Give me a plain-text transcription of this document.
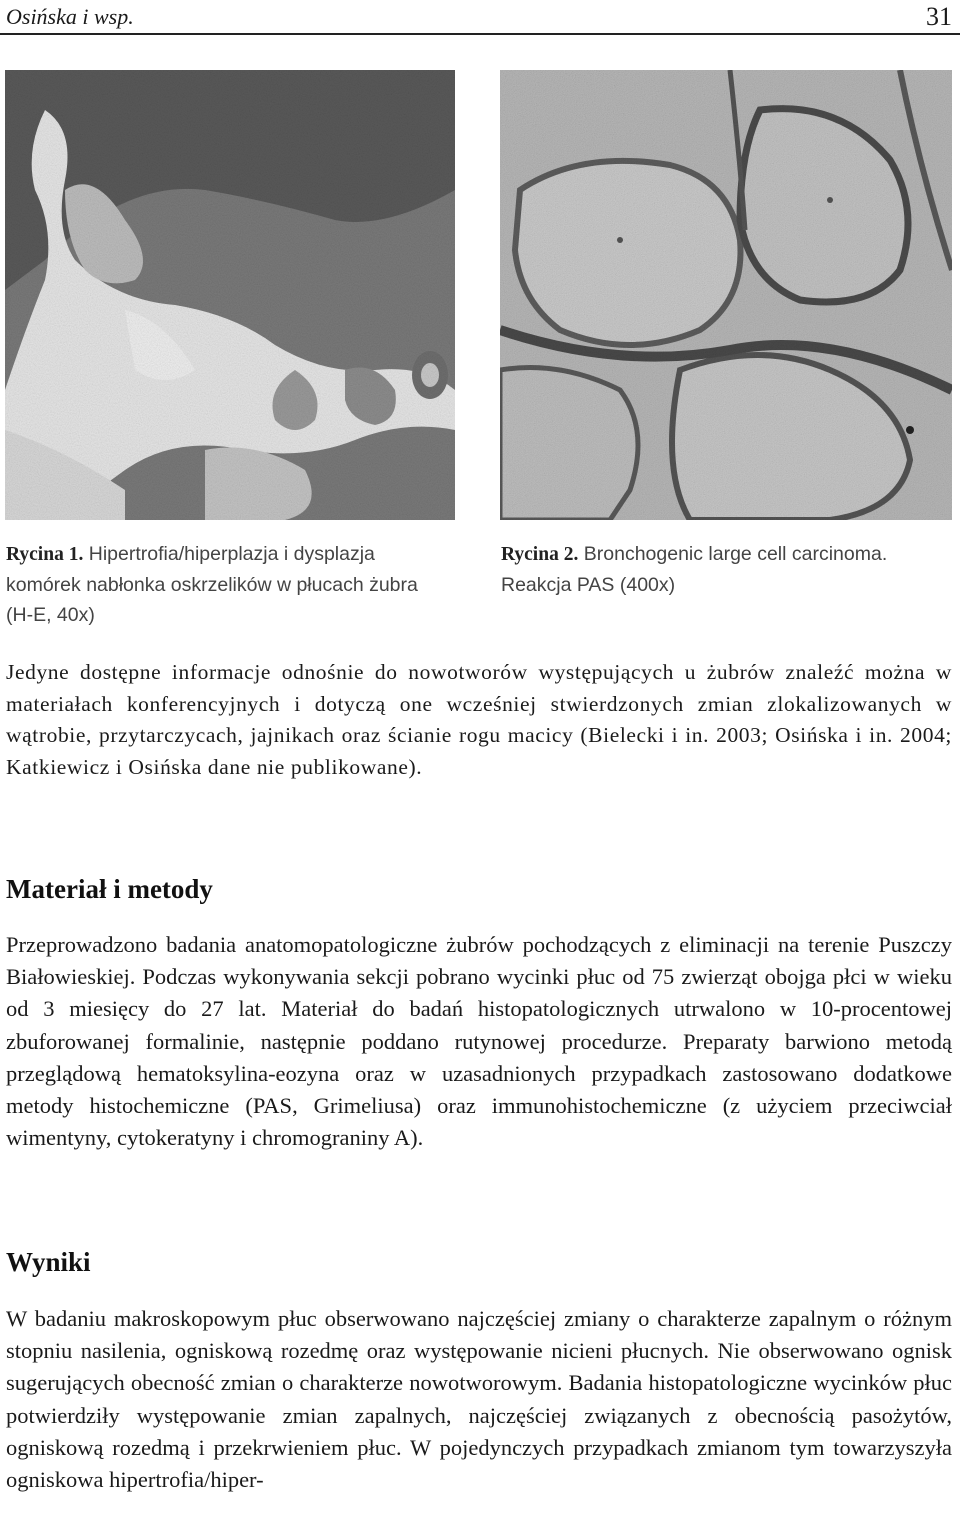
Osińska i wsp.	31
Rycina 1. Hipertrofia/hiperplazja i dysplazja komórek nabłonka oskrzelików w płucach żubra (H-E, 40x)
Rycina 2. Bronchogenic large cell carcinoma. Reakcja PAS (400x)

Jedyne dostępne informacje odnośnie do nowotworów występujących u żubrów znaleźć można w materiałach konferencyjnych i dotyczą one wcześniej stwierdzonych zmian zlokalizowanych w wątrobie, przytarczycach, jajnikach oraz ścianie rogu macicy (Bielecki i in. 2003; Osińska i in. 2004; Katkiewicz i Osińska dane nie publikowane).

Materiał i metody

Przeprowadzono badania anatomopatologiczne żubrów pochodzących z eliminacji na terenie Puszczy Białowieskiej. Podczas wykonywania sekcji pobrano wycinki płuc od 75 zwierząt obojga płci w wieku od 3 miesięcy do 27 lat. Materiał do badań histopatologicznych utrwalono w 10-procentowej zbuforowanej formalinie, następnie poddano rutynowej procedurze. Preparaty barwiono metodą przeglądową hematoksylina-eozyna oraz w uzasadnionych przypadkach zastosowano dodatkowe metody histochemiczne (PAS, Grimeliusa) oraz immunohistochemiczne (z użyciem przeciwciał wimentyny, cytokeratyny i chromograniny A).

Wyniki

W badaniu makroskopowym płuc obserwowano najczęściej zmiany o charakterze zapalnym o różnym stopniu nasilenia, ogniskową rozedmę oraz występowanie nicieni płucnych. Nie obserwowano ognisk sugerujących obecność zmian o charakterze nowotworowym. Badania histopatologiczne wycinków płuc potwierdziły występowanie zmian zapalnych, najczęściej związanych z obecnością pasożytów, ogniskową rozedmą i przekrwieniem płuc. W pojedynczych przypadkach zmianom tym towarzyszyła ogniskowa hipertrofia/hiper-
